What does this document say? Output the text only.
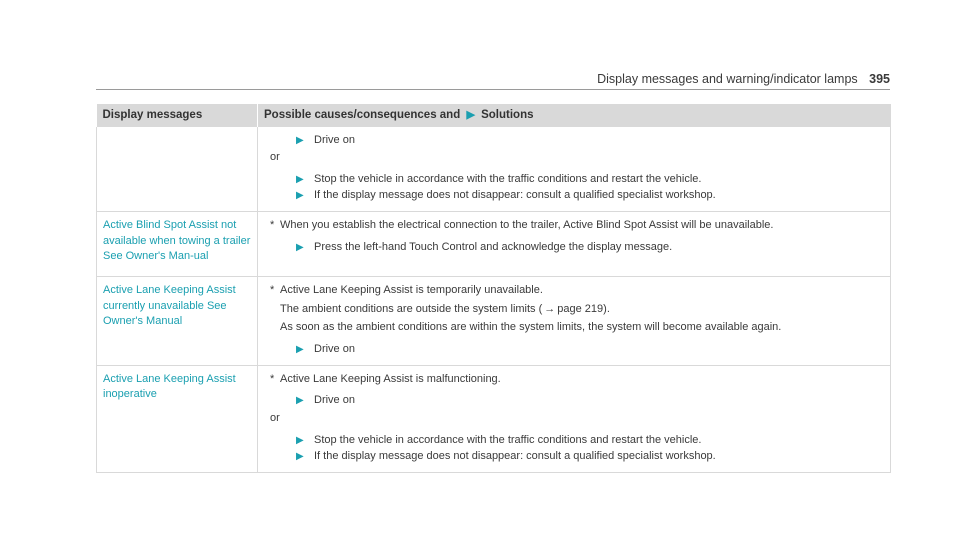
Display messages and warning/indicator lamps 395
Display messages	Possible causes/consequences and ▶ Solutions

	▶ Drive on
or
▶ Stop the vehicle in accordance with the traffic conditions and restart the vehicle.
▶ If the display message does not disappear: consult a qualified specialist workshop.

Active Blind Spot Assist not available when towing a trailer See Owner's Man-ual	* When you establish the electrical connection to the trailer, Active Blind Spot Assist will be unavailable.
▶ Press the left-hand Touch Control and acknowledge the display message.

Active Lane Keeping Assist currently unavailable See Owner's Manual	* Active Lane Keeping Assist is temporarily unavailable.
The ambient conditions are outside the system limits ( → page 219).
As soon as the ambient conditions are within the system limits, the system will become available again.
▶ Drive on

Active Lane Keeping Assist inoperative	* Active Lane Keeping Assist is malfunctioning.
▶ Drive on
or
▶ Stop the vehicle in accordance with the traffic conditions and restart the vehicle.
▶ If the display message does not disappear: consult a qualified specialist workshop.
